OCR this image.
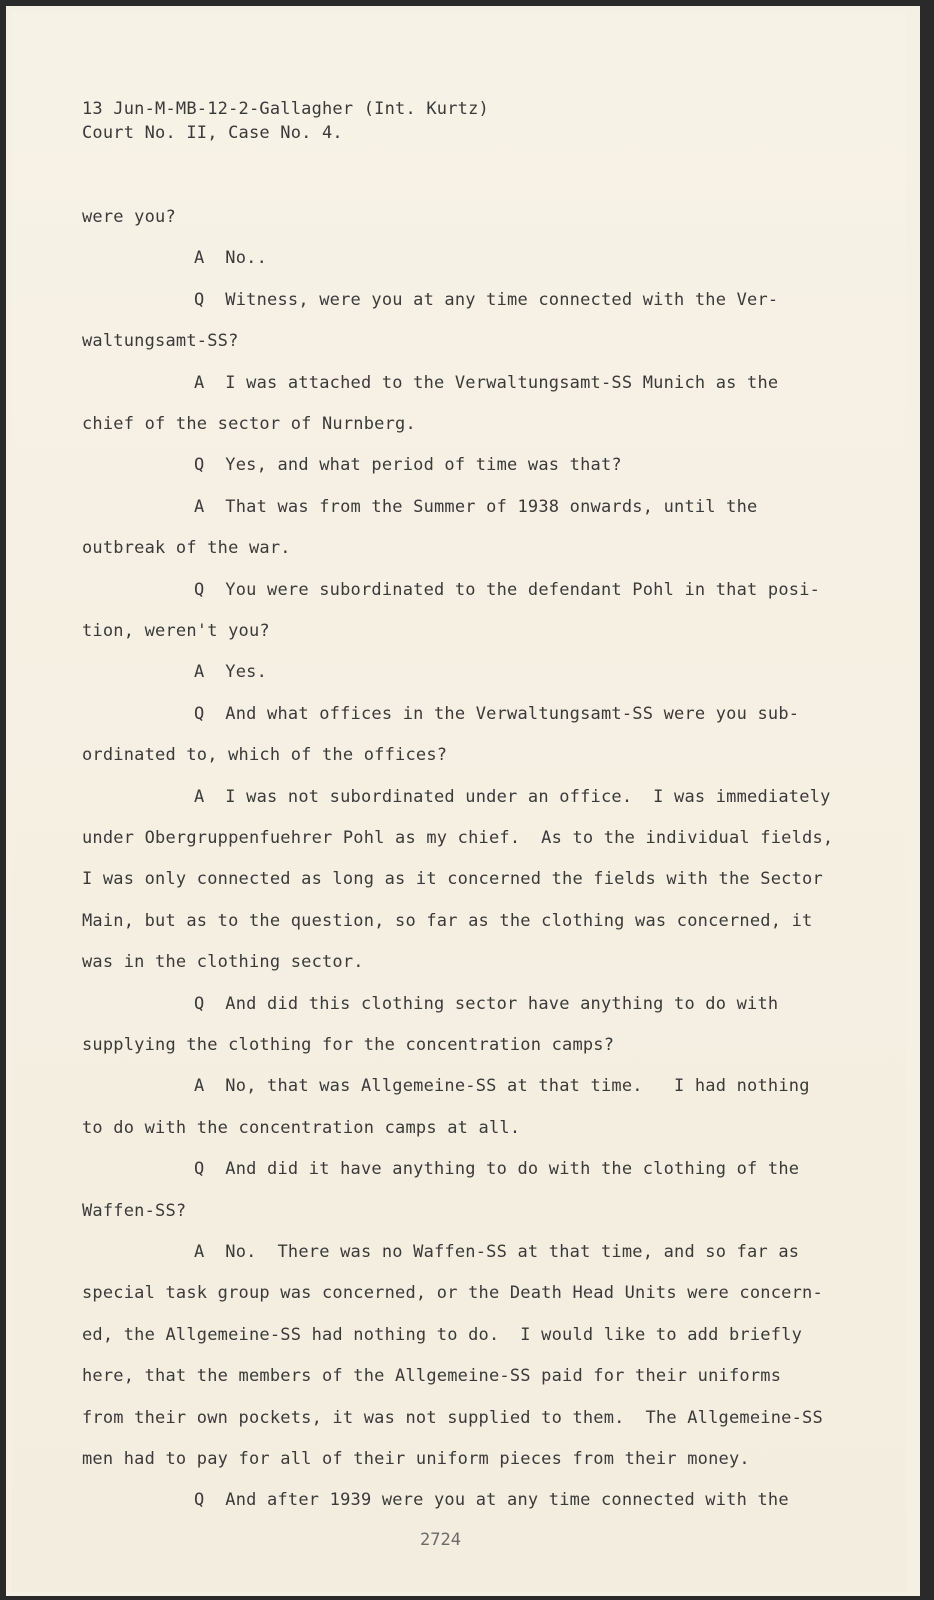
13 Jun-M-MB-12-2-Gallagher (Int. Kurtz)
Court No. II, Case No. 4.
were you?
A  No..
Q  Witness, were you at any time connected with the Ver-
waltungsamt-SS?
A  I was attached to the Verwaltungsamt-SS Munich as the
chief of the sector of Nurnberg.
Q  Yes, and what period of time was that?
A  That was from the Summer of 1938 onwards, until the
outbreak of the war.
Q  You were subordinated to the defendant Pohl in that posi-
tion, weren't you?
A  Yes.
Q  And what offices in the Verwaltungsamt-SS were you sub-
ordinated to, which of the offices?
A  I was not subordinated under an office.  I was immediately
under Obergruppenfuehrer Pohl as my chief.  As to the individual fields,
I was only connected as long as it concerned the fields with the Sector
Main, but as to the question, so far as the clothing was concerned, it
was in the clothing sector.
Q  And did this clothing sector have anything to do with
supplying the clothing for the concentration camps?
A  No, that was Allgemeine-SS at that time.   I had nothing
to do with the concentration camps at all.
Q  And did it have anything to do with the clothing of the
Waffen-SS?
A  No.  There was no Waffen-SS at that time, and so far as
special task group was concerned, or the Death Head Units were concern-
ed, the Allgemeine-SS had nothing to do.  I would like to add briefly
here, that the members of the Allgemeine-SS paid for their uniforms
from their own pockets, it was not supplied to them.  The Allgemeine-SS
men had to pay for all of their uniform pieces from their money.
Q  And after 1939 were you at any time connected with the
2724
